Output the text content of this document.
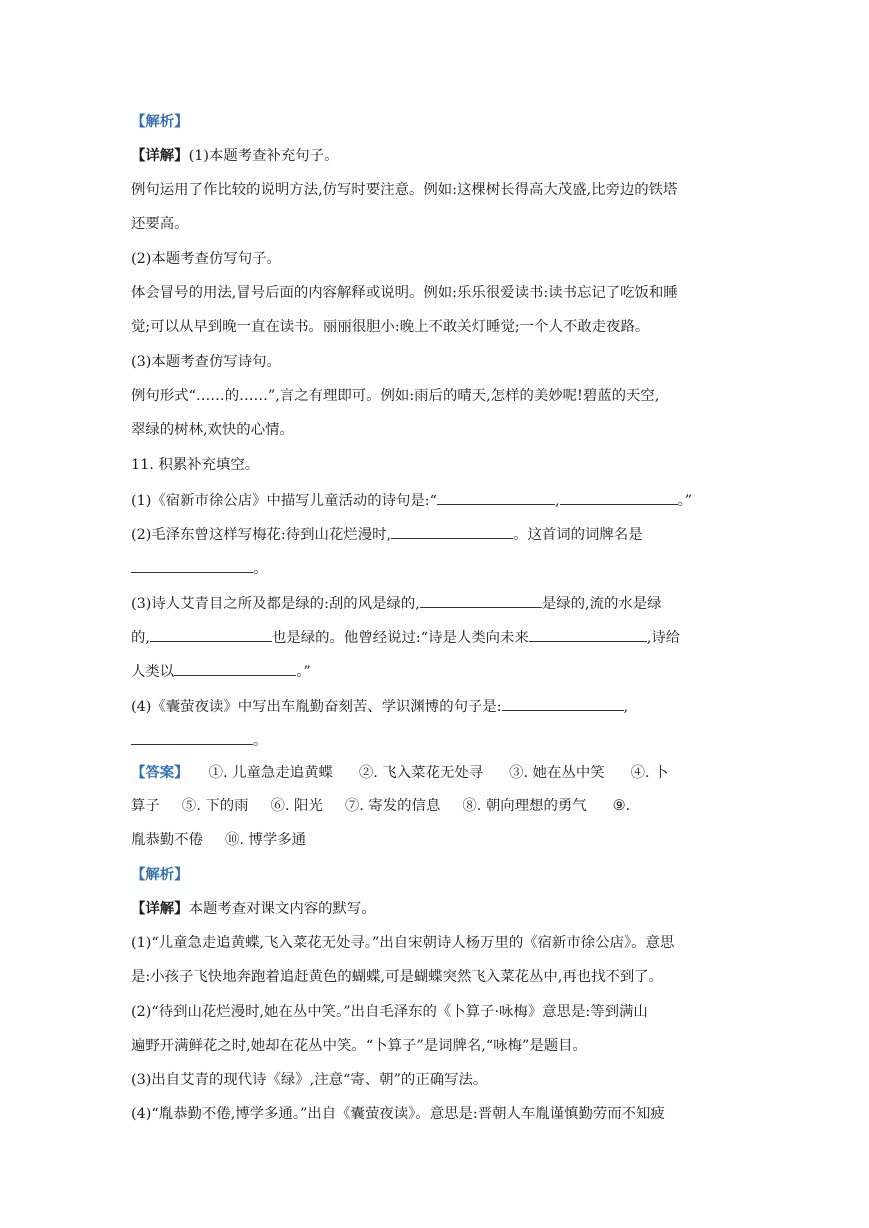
【解析】
【详解】(1)本题考查补充句子。
例句运用了作比较的说明方法,仿写时要注意。例如:这棵树长得高大茂盛,比旁边的铁塔
还要高。
(2)本题考查仿写句子。
体会冒号的用法,冒号后面的内容解释或说明。例如:乐乐很爱读书:读书忘记了吃饭和睡
觉;可以从早到晚一直在读书。丽丽很胆小:晚上不敢关灯睡觉;一个人不敢走夜路。
(3)本题考查仿写诗句。
例句形式“……的……”,言之有理即可。例如:雨后的晴天,怎样的美妙呢!碧蓝的天空,
翠绿的树林,欢快的心情。
11. 积累补充填空。
(1)《宿新市徐公店》中描写儿童活动的诗句是:“	,	。”
(2)毛泽东曾这样写梅花:待到山花烂漫时,	。这首词的词牌名是
。
(3)诗人艾青目之所及都是绿的:刮的风是绿的,	是绿的,流的水是绿
的,	也是绿的。他曾经说过:“诗是人类向未来	,诗给
人类以	。”
(4)《囊萤夜读》中写出车胤勤奋刻苦、学识渊博的句子是:	,
。
【答案】 ①. 儿童急走追黄蝶 ②. 飞入菜花无处寻 ③. 她在丛中笑 ④. 卜
算子 ⑤. 下的雨 ⑥. 阳光 ⑦. 寄发的信息 ⑧. 朝向理想的勇气 ⑨.
胤恭勤不倦 ⑩. 博学多通
【解析】
【详解】本题考查对课文内容的默写。
(1)“儿童急走追黄蝶,飞入菜花无处寻。”出自宋朝诗人杨万里的《宿新市徐公店》。意思
是:小孩子飞快地奔跑着追赶黄色的蝴蝶,可是蝴蝶突然飞入菜花丛中,再也找不到了。
(2)“待到山花烂漫时,她在丛中笑。”出自毛泽东的《卜算子·咏梅》意思是:等到满山
遍野开满鲜花之时,她却在花丛中笑。“卜算子”是词牌名,“咏梅”是题目。
(3)出自艾青的现代诗《绿》,注意“寄、朝”的正确写法。
(4)“胤恭勤不倦,博学多通。”出自《囊萤夜读》。意思是:晋朝人车胤谨慎勤劳而不知疲
